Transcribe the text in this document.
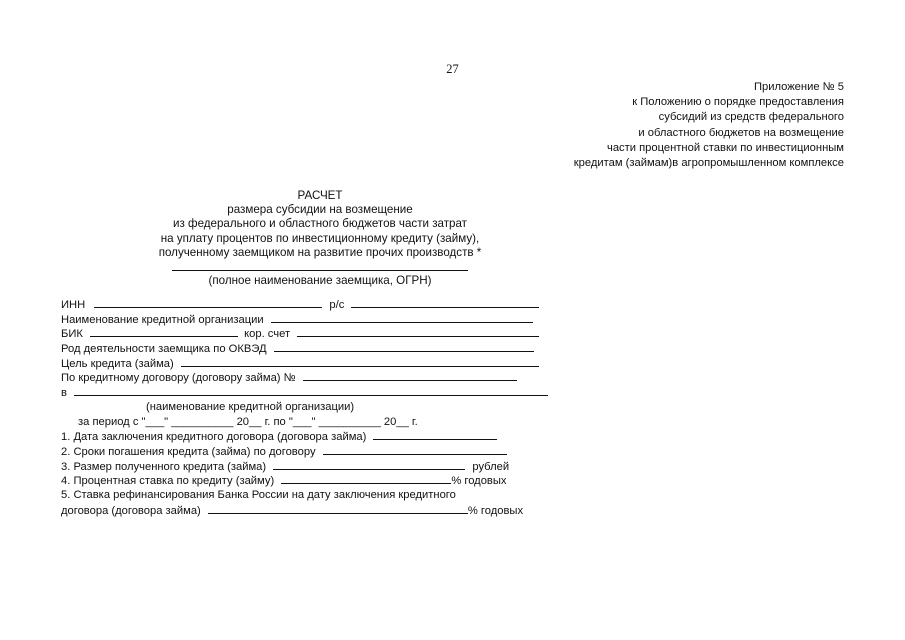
27
Приложение № 5
к Положению о порядке предоставления
субсидий из средств федерального
и областного бюджетов на возмещение
части процентной ставки по инвестиционным
кредитам (займам)в агропромышленном комплексе
РАСЧЕТ
размера субсидии на возмещение
из федерального и областного бюджетов части затрат
на уплату процентов по инвестиционному кредиту (займу),
полученному заемщиком на развитие прочих производств *
(полное наименование заемщика, ОГРН)
ИНН	р/с
Наименование кредитной организации
БИК	кор. счет
Род деятельности заемщика по ОКВЭД
Цель кредита (займа)
По кредитному договору (договору займа) №
в
(наименование кредитной организации)
за период с "___" __________ 20__ г. по "___" __________ 20__ г.
1. Дата заключения кредитного договора (договора займа)
2. Сроки погашения кредита (займа) по договору
3. Размер полученного кредита (займа)	рублей
4. Процентная ставка по кредиту (займу)	% годовых
5. Ставка рефинансирования Банка России на дату заключения кредитного
договора (договора займа)	% годовых
